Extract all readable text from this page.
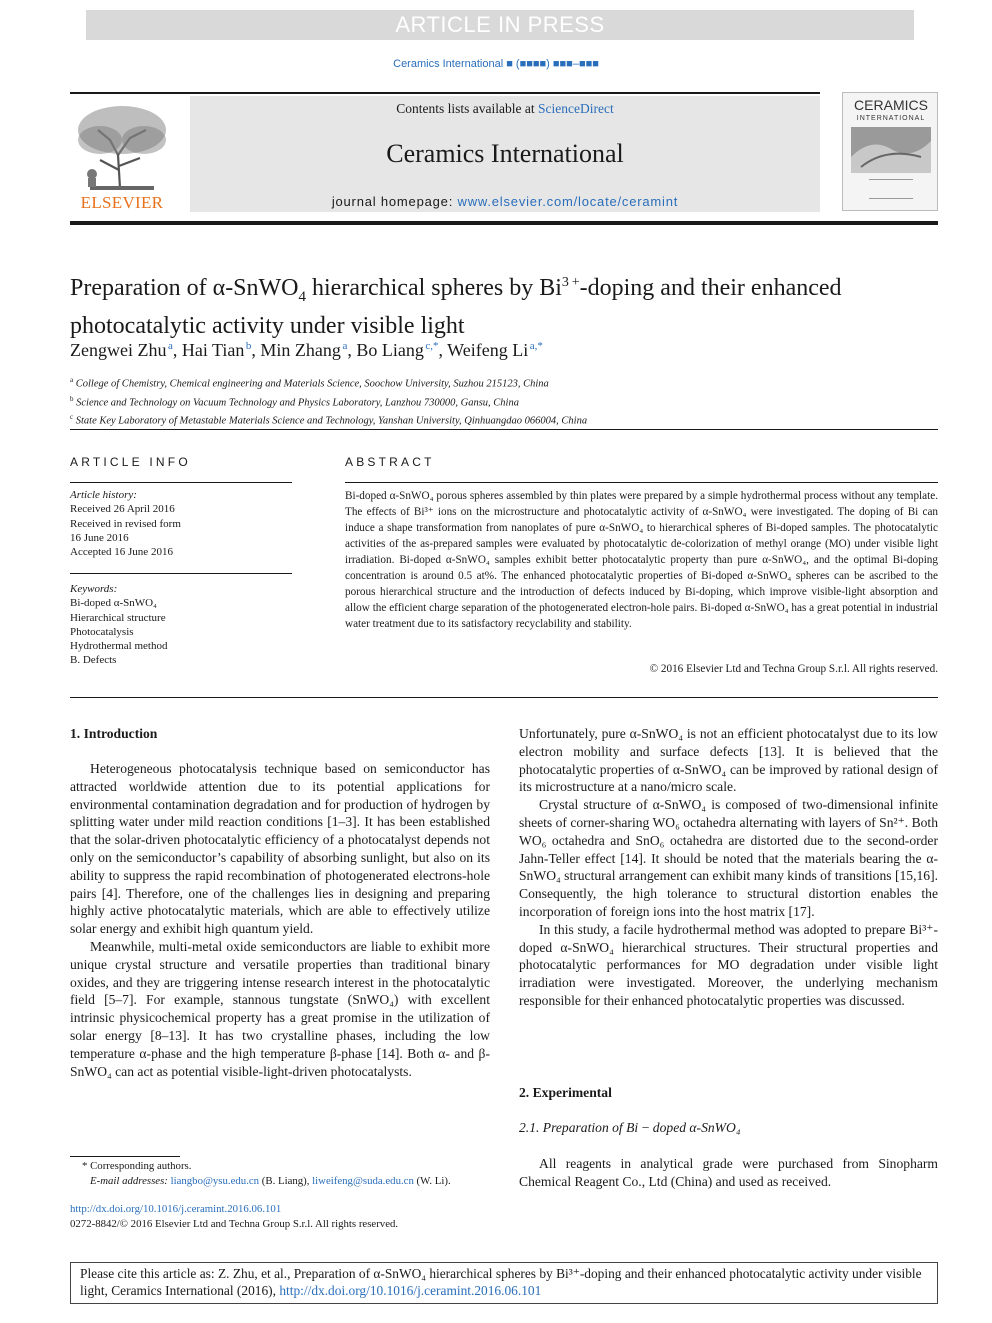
ARTICLE IN PRESS
Ceramics International ■ (■■■■) ■■■–■■■
ELSEVIER
Contents lists available at ScienceDirect
Ceramics International
journal homepage: www.elsevier.com/locate/ceramint
CERAMICS
INTERNATIONAL
Preparation of α-SnWO$_4$ hierarchical spheres by $Bi^{3 +}$-doping and their enhanced photocatalytic activity under visible light
Zengwei Zhu  $^a$, Hai Tian  $^b$, Min Zhang  $^a$, Bo Liang  $^{c,*}$, Weifeng Li  $^{a,*}$
$^a$ College of Chemistry, Chemical engineering and Materials Science, Soochow University, Suzhou 215123, China
$^b$ Science and Technology on Vacuum Technology and Physics Laboratory, Lanzhou 730000, Gansu, China
$^c$ State Key Laboratory of Metastable Materials Science and Technology, Yanshan University, Qinhuangdao 066004, China
ARTICLE INFO
Article history:
Received 26 April 2016
Received in revised form
16 June 2016
Accepted 16 June 2016
Keywords:
Bi-doped α-SnWO₄
Hierarchical structure
Photocatalysis
Hydrothermal method
B. Defects
ABSTRACT
Bi-doped α-SnWO₄ porous spheres assembled by thin plates were prepared by a simple hydrothermal process without any template. The effects of Bi³⁺ ions on the microstructure and photocatalytic activity of α-SnWO₄ were investigated. The doping of Bi can induce a shape transformation from nanoplates of pure α-SnWO₄ to hierarchical spheres of Bi-doped samples. The photocatalytic activities of the as-prepared samples were evaluated by photocatalytic de-colorization of methyl orange (MO) under visible light irradiation. Bi-doped α-SnWO₄ samples exhibit better photocatalytic property than pure α-SnWO₄, and the optimal Bi-doping concentration is around 0.5 at%. The enhanced photocatalytic properties of Bi-doped α-SnWO₄ spheres can be ascribed to the porous hierarchical structure and the introduction of defects induced by Bi-doping, which improve visible-light absorption and allow the efficient charge separation of the photogenerated electron-hole pairs. Bi-doped α-SnWO₄ has a great potential in industrial water treatment due to its satisfactory recyclability and stability.
© 2016 Elsevier Ltd and Techna Group S.r.l. All rights reserved.
1. Introduction

Heterogeneous photocatalysis technique based on semiconductor has attracted worldwide attention due to its potential applications for environmental contamination degradation and for production of hydrogen by splitting water under mild reaction conditions [1–3]. It has been established that the solar-driven photocatalytic efficiency of a photocatalyst depends not only on the semiconductor’s capability of absorbing sunlight, but also on its ability to suppress the rapid recombination of photogenerated electrons-hole pairs [4]. Therefore, one of the challenges lies in designing and preparing highly active photocatalytic materials, which are able to effectively utilize solar energy and exhibit high quantum yield.

Meanwhile, multi-metal oxide semiconductors are liable to exhibit more unique crystal structure and versatile properties than traditional binary oxides, and they are triggering intense research interest in the photocatalytic field [5–7]. For example, stannous tungstate (SnWO₄) with excellent intrinsic physicochemical property has a great promise in the utilization of solar energy [8–13]. It has two crystalline phases, including the low temperature α-phase and the high temperature β-phase [14]. Both α- and β-SnWO₄ can act as potential visible-light-driven photocatalysts.

* Corresponding authors.
E-mail addresses: liangbo@ysu.edu.cn (B. Liang), liweifeng@suda.edu.cn (W. Li).
http://dx.doi.org/10.1016/j.ceramint.2016.06.101
0272-8842/© 2016 Elsevier Ltd and Techna Group S.r.l. All rights reserved.

Unfortunately, pure α-SnWO₄ is not an efficient photocatalyst due to its low electron mobility and surface defects [13]. It is believed that the photocatalytic properties of α-SnWO₄ can be improved by rational design of its microstructure at a nano/micro scale.

Crystal structure of α-SnWO₄ is composed of two-dimensional infinite sheets of corner-sharing WO₆ octahedra alternating with layers of Sn²⁺. Both WO₆ octahedra and SnO₆ octahedra are distorted due to the second-order Jahn-Teller effect [14]. It should be noted that the materials bearing the α-SnWO₄ structural arrangement can exhibit many kinds of transitions [15,16]. Consequently, the high tolerance to structural distortion enables the incorporation of foreign ions into the host matrix [17].

In this study, a facile hydrothermal method was adopted to prepare Bi³⁺-doped α-SnWO₄ hierarchical structures. Their structural properties and photocatalytic performances for MO degradation under visible light irradiation were investigated. Moreover, the underlying mechanism responsible for their enhanced photocatalytic properties was discussed.

2. Experimental
2.1. Preparation of Bi − doped α-SnWO₄

All reagents in analytical grade were purchased from Sinopharm Chemical Reagent Co., Ltd (China) and used as received.

Please cite this article as: Z. Zhu, et al., Preparation of α-SnWO₄ hierarchical spheres by Bi³⁺-doping and their enhanced photocatalytic activity under visible light, Ceramics International (2016), http://dx.doi.org/10.1016/j.ceramint.2016.06.101
